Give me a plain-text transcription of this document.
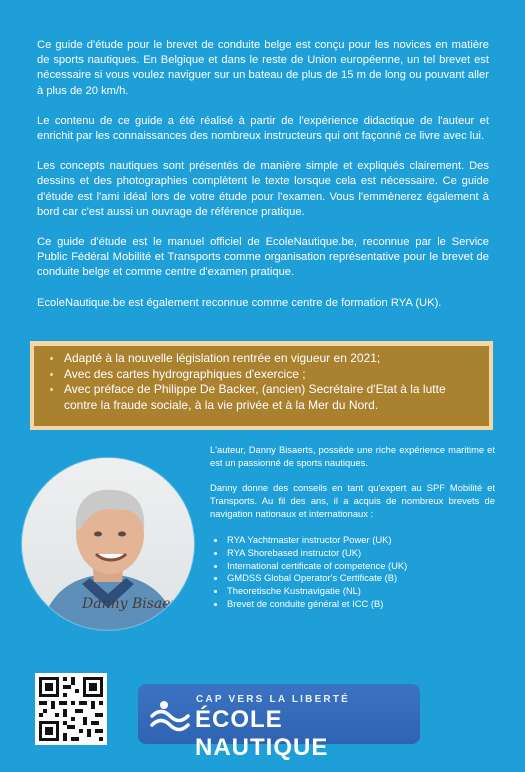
Ce guide d'étude pour le brevet de conduite belge est conçu pour les novices en matière de sports nautiques. En Belgique et dans le reste de Union européenne, un tel brevet est nécessaire si vous voulez naviguer sur un bateau de plus de 15 m de long ou pouvant aller à plus de 20 km/h.

Le contenu de ce guide a été réalisé à partir de l'expérience didactique de l'auteur et enrichit par les connaissances des nombreux instructeurs qui ont façonné ce livre avec lui.

Les concepts nautiques sont présentés de manière simple et expliqués clairement. Des dessins et des photographies complètent le texte lorsque cela est nécessaire. Ce guide d'étude est l'ami idéal lors de votre étude pour l'examen. Vous l'emmènerez également à bord car c'est aussi un ouvrage de référence pratique.

Ce guide d'étude est le manuel officiel de EcoleNautique.be, reconnue par le Service Public Fédéral Mobilité et Transports comme organisation représentative pour le brevet de conduite belge et comme centre d'examen pratique.

EcoleNautique.be est également reconnue comme centre de formation RYA (UK).

Adapté à la nouvelle législation rentrée en vigueur en 2021;
Avec des cartes hydrographiques d'exercice ;
Avec préface de Philippe De Backer, (ancien) Secrétaire d'Etat à la lutte contre la fraude sociale, à la vie privée et à la Mer du Nord.
Danny Bisaerts

L'auteur, Danny Bisaerts, possède une riche expérience maritime et est un passionné de sports nautiques.

Danny donne des conseils en tant qu'expert au SPF Mobilité et Transports. Au fil des ans, il a acquis de nombreux brevets de navigation nationaux et internationaux :

RYA Yachtmaster instructor Power (UK)
RYA Shorebased instructor (UK)
International certificate of competence (UK)
GMDSS Global Operator's Certificate (B)
Theoretische Kustnavigatie (NL)
Brevet de conduite général et ICC (B)
CAP VERS LA LIBERTÉ
ÉCOLE NAUTIQUE
